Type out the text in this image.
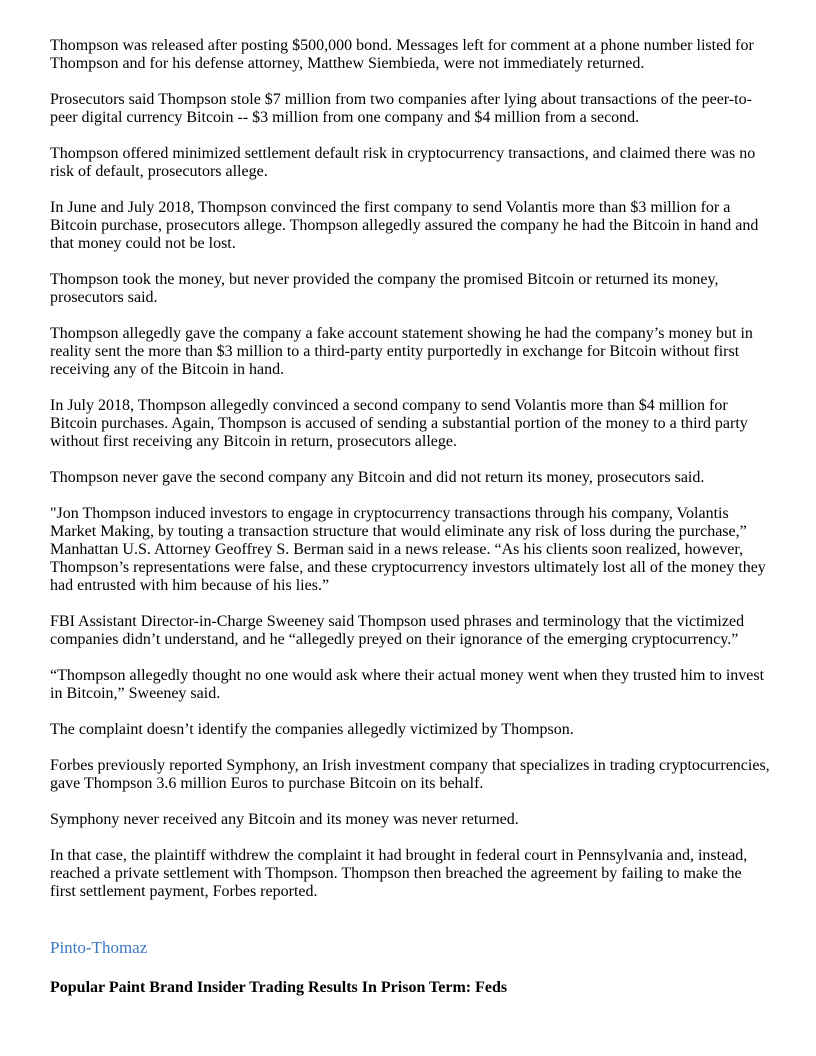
Thompson was released after posting $500,000 bond. Messages left for comment at a phone number listed for Thompson and for his defense attorney, Matthew Siembieda, were not immediately returned.

Prosecutors said Thompson stole $7 million from two companies after lying about transactions of the peer-to-peer digital currency Bitcoin -- $3 million from one company and $4 million from a second.

Thompson offered minimized settlement default risk in cryptocurrency transactions, and claimed there was no risk of default, prosecutors allege.

In June and July 2018, Thompson convinced the first company to send Volantis more than $3 million for a Bitcoin purchase, prosecutors allege. Thompson allegedly assured the company he had the Bitcoin in hand and that money could not be lost.

Thompson took the money, but never provided the company the promised Bitcoin or returned its money, prosecutors said.

Thompson allegedly gave the company a fake account statement showing he had the company’s money but in reality sent the more than $3 million to a third-party entity purportedly in exchange for Bitcoin without first receiving any of the Bitcoin in hand.

In July 2018, Thompson allegedly convinced a second company to send Volantis more than $4 million for Bitcoin purchases. Again, Thompson is accused of sending a substantial portion of the money to a third party without first receiving any Bitcoin in return, prosecutors allege.

Thompson never gave the second company any Bitcoin and did not return its money, prosecutors said.

"Jon Thompson induced investors to engage in cryptocurrency transactions through his company, Volantis Market Making, by touting a transaction structure that would eliminate any risk of loss during the purchase,” Manhattan U.S. Attorney Geoffrey S. Berman said in a news release. “As his clients soon realized, however, Thompson’s representations were false, and these cryptocurrency investors ultimately lost all of the money they had entrusted with him because of his lies.”

FBI Assistant Director-in-Charge Sweeney said Thompson used phrases and terminology that the victimized companies didn’t understand, and he “allegedly preyed on their ignorance of the emerging cryptocurrency.”

“Thompson allegedly thought no one would ask where their actual money went when they trusted him to invest in Bitcoin,” Sweeney said.

The complaint doesn’t identify the companies allegedly victimized by Thompson.

Forbes previously reported Symphony, an Irish investment company that specializes in trading cryptocurrencies, gave Thompson 3.6 million Euros to purchase Bitcoin on its behalf.

Symphony never received any Bitcoin and its money was never returned.

In that case, the plaintiff withdrew the complaint it had brought in federal court in Pennsylvania and, instead, reached a private settlement with Thompson. Thompson then breached the agreement by failing to make the first settlement payment, Forbes reported.

Pinto-Thomaz
Popular Paint Brand Insider Trading Results In Prison Term: Feds
